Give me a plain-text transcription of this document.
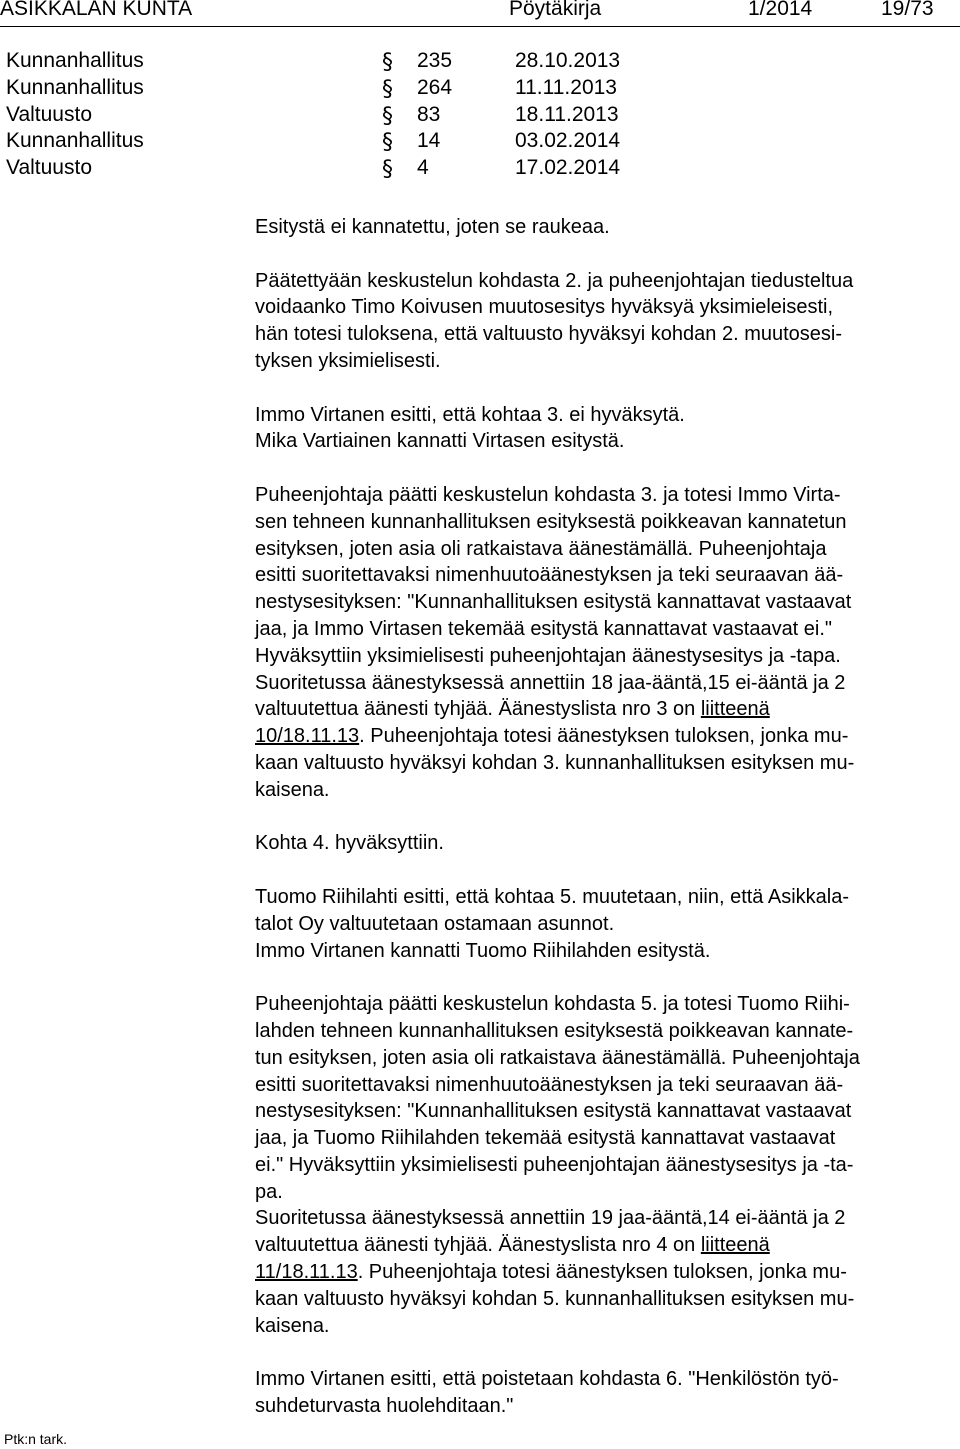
ASIKKALAN KUNTA	Pöytäkirja	1/2014	19/73
Kunnanhallitus	§ 235	28.10.2013
Kunnanhallitus	§ 264	11.11.2013
Valtuusto	§ 83	18.11.2013
Kunnanhallitus	§ 14	03.02.2014
Valtuusto	§ 4	17.02.2014

Esitystä ei kannatettu, joten se raukeaa.

Päätettyään keskustelun kohdasta 2. ja puheenjohtajan tiedusteltua
voidaanko Timo Koivusen muutosesitys hyväksyä yksimieleisesti,
hän totesi tuloksena, että valtuusto hyväksyi kohdan 2. muutosesi-
tyksen yksimielisesti.

Immo Virtanen esitti, että kohtaa 3. ei hyväksytä.
Mika Vartiainen kannatti Virtasen esitystä.

Puheenjohtaja päätti keskustelun kohdasta 3. ja totesi Immo Virta-
sen tehneen kunnanhallituksen esityksestä poikkeavan kannatetun
esityksen, joten asia oli ratkaistava äänestämällä. Puheenjohtaja
esitti suoritettavaksi nimenhuutoäänestyksen ja teki seuraavan ää-
nestysesityksen: "Kunnanhallituksen esitystä kannattavat vastaavat
jaa, ja Immo Virtasen tekemää esitystä kannattavat vastaavat ei."
Hyväksyttiin yksimielisesti puheenjohtajan äänestysesitys ja -tapa.
Suoritetussa äänestyksessä annettiin 18 jaa-ääntä,15 ei-ääntä ja 2
valtuutettua äänesti tyhjää. Äänestyslista nro 3 on liitteenä
10/18.11.13. Puheenjohtaja totesi äänestyksen tuloksen, jonka mu-
kaan valtuusto hyväksyi kohdan 3. kunnanhallituksen esityksen mu-
kaisena.

Kohta 4. hyväksyttiin.

Tuomo Riihilahti esitti, että kohtaa 5. muutetaan, niin, että Asikkala-
talot Oy valtuutetaan ostamaan asunnot.
Immo Virtanen kannatti Tuomo Riihilahden esitystä.

Puheenjohtaja päätti keskustelun kohdasta 5. ja totesi Tuomo Riihi-
lahden tehneen kunnanhallituksen esityksestä poikkeavan kannate-
tun esityksen, joten asia oli ratkaistava äänestämällä. Puheenjohtaja
esitti suoritettavaksi nimenhuutoäänestyksen ja teki seuraavan ää-
nestysesityksen: "Kunnanhallituksen esitystä kannattavat vastaavat
jaa, ja Tuomo Riihilahden tekemää esitystä kannattavat vastaavat
ei." Hyväksyttiin yksimielisesti puheenjohtajan äänestysesitys ja -ta-
pa.
Suoritetussa äänestyksessä annettiin 19 jaa-ääntä,14 ei-ääntä ja 2
valtuutettua äänesti tyhjää. Äänestyslista nro 4 on liitteenä
11/18.11.13. Puheenjohtaja totesi äänestyksen tuloksen, jonka mu-
kaan valtuusto hyväksyi kohdan 5. kunnanhallituksen esityksen mu-
kaisena.

Immo Virtanen esitti, että poistetaan kohdasta 6. "Henkilöstön työ-
suhdeturvasta huolehditaan."

Ptk:n tark.
